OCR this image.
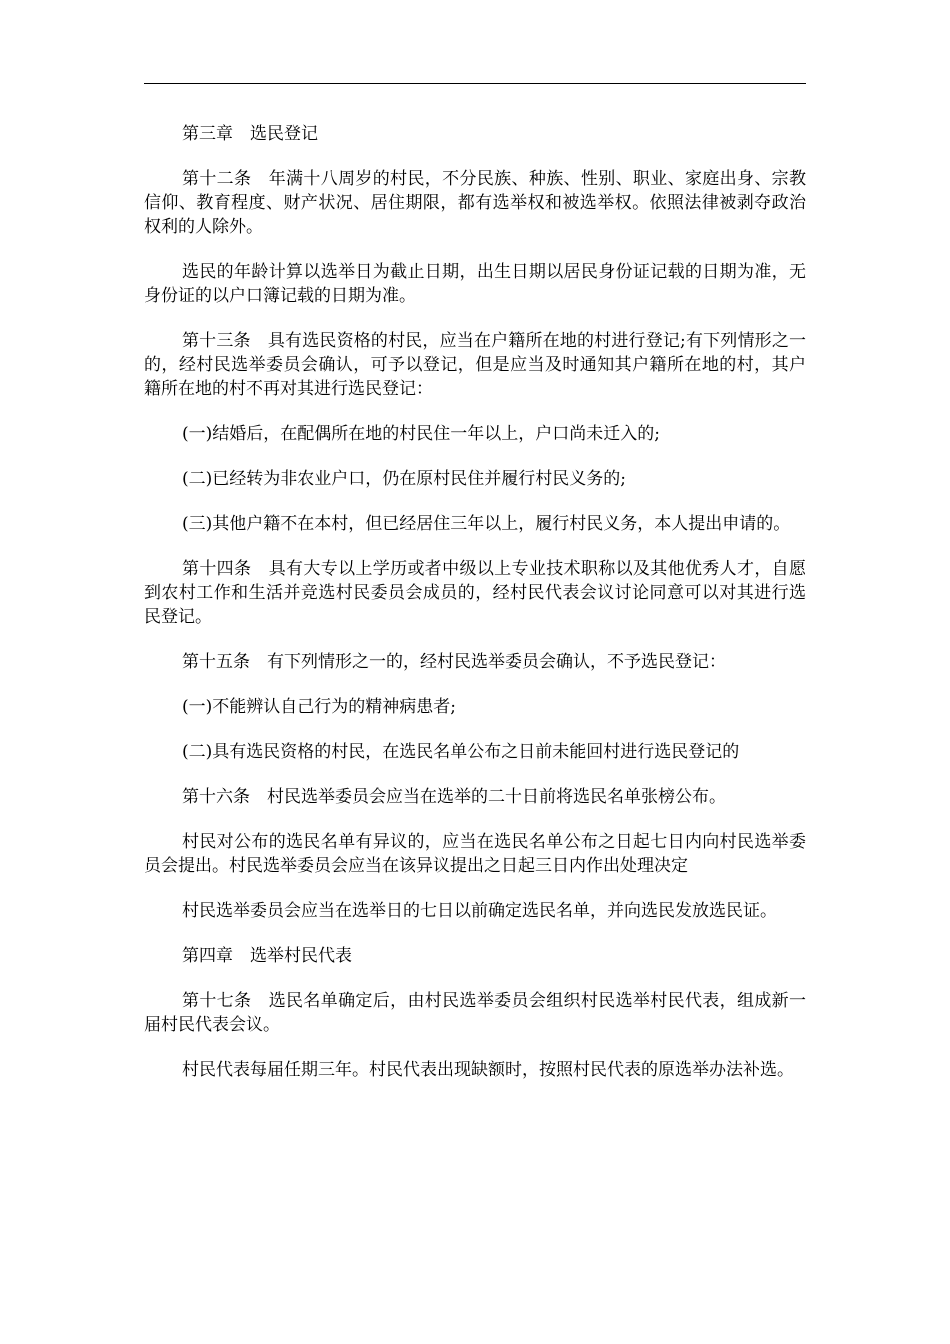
第三章　选民登记

第十二条　年满十八周岁的村民，不分民族、种族、性别、职业、家庭出身、宗教信仰、教育程度、财产状况、居住期限，都有选举权和被选举权。依照法律被剥夺政治权利的人除外。

选民的年龄计算以选举日为截止日期，出生日期以居民身份证记载的日期为准，无身份证的以户口簿记载的日期为准。

第十三条　具有选民资格的村民，应当在户籍所在地的村进行登记;有下列情形之一的，经村民选举委员会确认，可予以登记，但是应当及时通知其户籍所在地的村，其户籍所在地的村不再对其进行选民登记：

(一)结婚后，在配偶所在地的村民住一年以上，户口尚未迁入的;

(二)已经转为非农业户口，仍在原村民住并履行村民义务的;

(三)其他户籍不在本村，但已经居住三年以上，履行村民义务，本人提出申请的。

第十四条　具有大专以上学历或者中级以上专业技术职称以及其他优秀人才，自愿到农村工作和生活并竞选村民委员会成员的，经村民代表会议讨论同意可以对其进行选民登记。

第十五条　有下列情形之一的，经村民选举委员会确认，不予选民登记：

(一)不能辨认自己行为的精神病患者;

(二)具有选民资格的村民，在选民名单公布之日前未能回村进行选民登记的

第十六条　村民选举委员会应当在选举的二十日前将选民名单张榜公布。

村民对公布的选民名单有异议的，应当在选民名单公布之日起七日内向村民选举委员会提出。村民选举委员会应当在该异议提出之日起三日内作出处理决定

村民选举委员会应当在选举日的七日以前确定选民名单，并向选民发放选民证。

第四章　选举村民代表

第十七条　选民名单确定后，由村民选举委员会组织村民选举村民代表，组成新一届村民代表会议。

村民代表每届任期三年。村民代表出现缺额时，按照村民代表的原选举办法补选。
